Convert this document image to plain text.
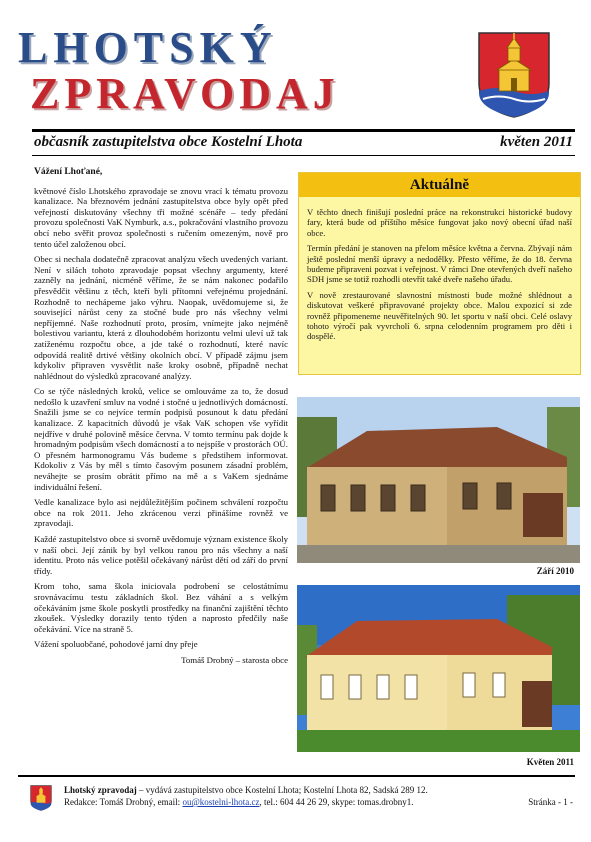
LHOTSKÝ
ZPRAVODAJ
občasník zastupitelstva obce Kostelní Lhota	květen 2011

Vážení Lhoťané,

květnové číslo Lhotského zpravodaje se znovu vrací k tématu provozu kanalizace. Na březnovém jednání zastupitelstva obce byly opět před veřejností diskutovány všechny tři možné scénáře – tedy předání provozu společnosti VaK Nymburk, a.s., pokračování vlastního provozu obcí nebo svěřit provoz společnosti s ručením omezeným, nově pro tento účel založenou obcí.

Obec si nechala dodatečně zpracovat analýzu všech uvedených variant. Není v silách tohoto zpravodaje popsat všechny argumenty, které zazněly na jednání, nicméně věříme, že se nám nakonec podařilo přesvědčit většinu z těch, kteří byli přítomni veřejnému projednání. Rozhodně to nechápeme jako výhru. Naopak, uvědomujeme si, že související nárůst ceny za stočné bude pro nás všechny velmi nepříjemné. Naše rozhodnutí proto, prosím, vnímejte jako nejméně bolestivou variantu, která z dlouhodobém horizontu velmi uleví už tak zatíženému rozpočtu obce, a jde také o rozhodnutí, které navíc odpovídá realitě drtivé většiny okolních obcí. V případě zájmu jsem kdykoliv připraven vysvětlit naše kroky osobně, případně nechat nahlédnout do výsledků zpracované analýzy.

Co se týče následných kroků, velice se omlouváme za to, že dosud nedošlo k uzavření smluv na vodné i stočné u jednotlivých domácností. Snažili jsme se co nejvíce termín podpisů posunout k datu předání kanalizace. Z kapacitních důvodů je však VaK schopen vše vyřídit nejdříve v druhé polovině měsíce června. V tomto termínu pak dojde k hromadným podpisům všech domácností a to nejspíše v prostorách OÚ. O přesném harmonogramu Vás budeme s předstihem informovat. Kdokoliv z Vás by měl s tímto časovým posunem zásadní problém, neváhejte se prosím obrátit přímo na mě a s VaKem sjednáme individuální řešení.

Vedle kanalizace bylo asi nejdůležitějším počinem schválení rozpočtu obce na rok 2011. Jeho zkrácenou verzi přinášíme rovněž ve zpravodaji.

Každé zastupitelstvo obce si svorně uvědomuje význam existence školy v naší obci. Její zánik by byl velkou ranou pro nás všechny a naší identitu. Proto nás velice potěšil očekávaný nárůst dětí od září do první třídy.

Krom toho, sama škola iniciovala podrobení se celostátnímu srovnávacímu testu základních škol. Bez váhání a s velkým očekáváním jsme škole poskytli prostředky na finanční zajištění těchto zkoušek. Výsledky dorazily tento týden a naprosto předčily naše očekávání. Více na straně 5.

Vážení spoluobčané, pohodové jarní dny přeje

Tomáš Drobný – starosta obce

Aktuálně

V těchto dnech finišují poslední práce na rekonstrukci historické budovy fary, která bude od příštího měsíce fungovat jako nový obecní úřad naší obce.

Termín předání je stanoven na přelom měsíce května a června. Zbývají nám ještě poslední menší úpravy a nedodělky. Přesto věříme, že do 18. června budeme připraveni pozvat i veřejnost. V rámci Dne otevřených dveří našeho SDH jsme se totiž rozhodli otevřít také dveře našeho úřadu.

V nově zrestaurované slavnostní místnosti bude možné shlédnout a diskutovat veškeré připravované projekty obce. Malou expozicí si zde rovněž připomeneme neuvěřitelných 90. let sportu v naší obci. Celé oslavy tohoto výročí pak vyvrcholí 6. srpna celodenním programem pro děti i dospělé.

Září 2010
Květen 2011
Lhotský zpravodaj – vydává zastupitelstvo obce Kostelní Lhota; Kostelní Lhota 82, Sadská 289 12.
Redakce: Tomáš Drobný, email: ou@kostelni-lhota.cz, tel.: 604 44 26 29, skype: tomas.drobny1.	Stránka - 1 -
